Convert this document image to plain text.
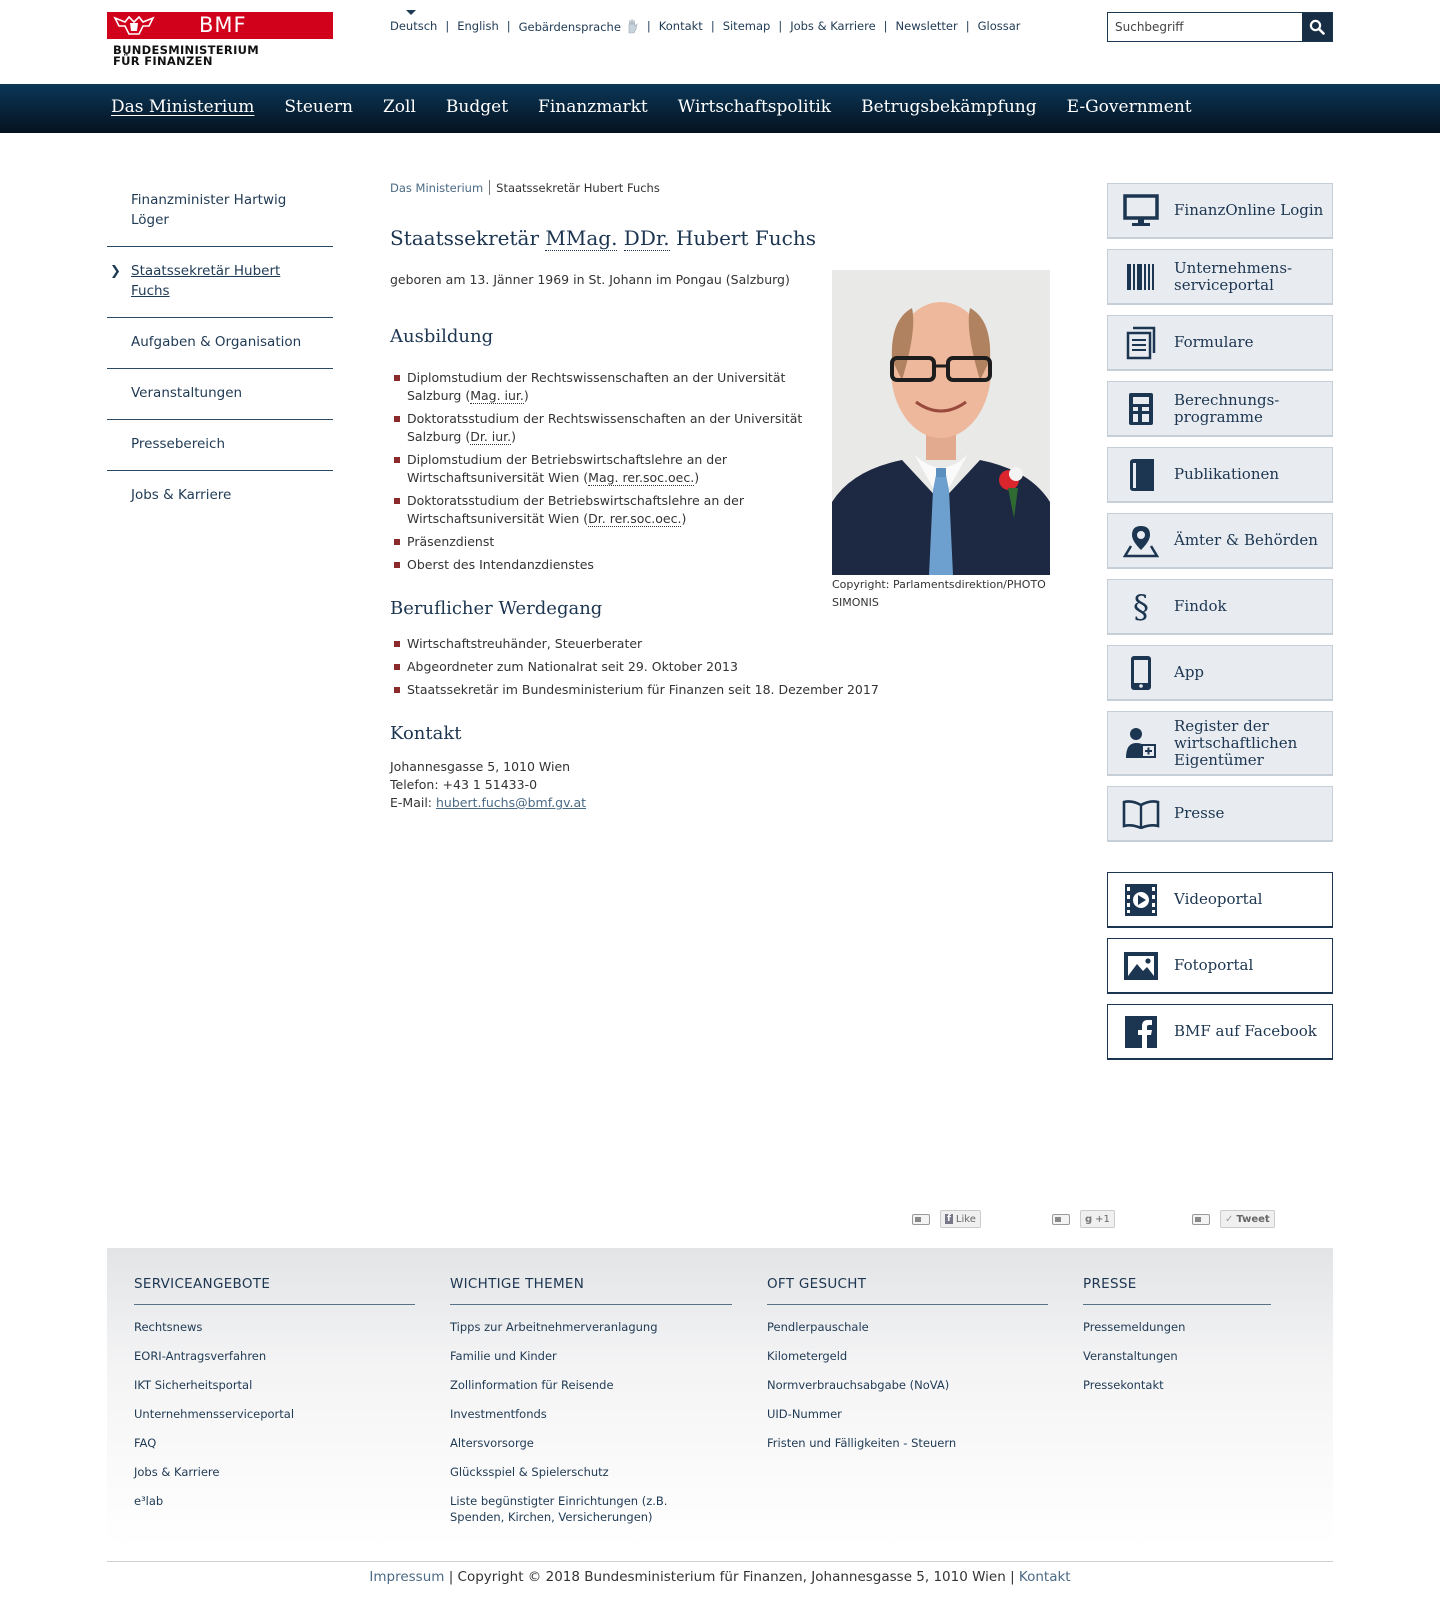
BMF
BUNDESMINISTERIUM
FÜR FINANZEN
Deutsch | English | Gebärdensprache	| Kontakt | Sitemap | Jobs & Karriere | Newsletter | Glossar
Suchbegriff
Das Ministerium Steuern Zoll Budget Finanzmarkt Wirtschaftspolitik Betrugsbekämpfung E-Government
Finanzminister Hartwig Löger
❯ Staatssekretär Hubert Fuchs
Aufgaben & Organisation
Veranstaltungen
Pressebereich
Jobs & Karriere
Das Ministerium Staatssekretär Hubert Fuchs
Staatssekretär MMag. DDr. Hubert Fuchs
geboren am 13. Jänner 1969 in St. Johann im Pongau (Salzburg)
Copyright: Parlamentsdirektion/PHOTO SIMONIS
Ausbildung
Diplomstudium der Rechtswissenschaften an der Universität Salzburg (Mag. iur.)
Doktoratsstudium der Rechtswissenschaften an der Universität Salzburg (Dr. iur.)
Diplomstudium der Betriebswirtschaftslehre an der Wirtschaftsuniversität Wien (Mag. rer.soc.oec.)
Doktoratsstudium der Betriebswirtschaftslehre an der Wirtschaftsuniversität Wien (Dr. rer.soc.oec.)
Präsenzdienst
Oberst des Intendanzdienstes
Beruflicher Werdegang
Wirtschaftstreuhänder, Steuerberater
Abgeordneter zum Nationalrat seit 29. Oktober 2013
Staatssekretär im Bundesministerium für Finanzen seit 18. Dezember 2017
Kontakt
Johannesgasse 5, 1010 Wien
Telefon: +43 1 51433-0
E-Mail: hubert.fuchs@bmf.gv.at
FinanzOnline Login
Unternehmens-serviceportal
Formulare
Berechnungs-programme
Publikationen
Ämter & Behörden
§ Findok
App
Register der wirtschaftlichen Eigentümer
Presse
Videoportal
Fotoportal
BMF auf Facebook
f Like	g +1	✓ Tweet
SERVICEANGEBOTE
Rechtsnews
EORI-Antragsverfahren
IKT Sicherheitsportal
Unternehmensserviceportal
FAQ
Jobs & Karriere
e³lab
WICHTIGE THEMEN
Tipps zur Arbeitnehmerveranlagung
Familie und Kinder
Zollinformation für Reisende
Investmentfonds
Altersvorsorge
Glücksspiel & Spielerschutz
Liste begünstigter Einrichtungen (z.B. Spenden, Kirchen, Versicherungen)
OFT GESUCHT
Pendlerpauschale
Kilometergeld
Normverbrauchsabgabe (NoVA)
UID-Nummer
Fristen und Fälligkeiten - Steuern
PRESSE
Pressemeldungen
Veranstaltungen
Pressekontakt
Impressum | Copyright © 2018 Bundesministerium für Finanzen, Johannesgasse 5, 1010 Wien | Kontakt
